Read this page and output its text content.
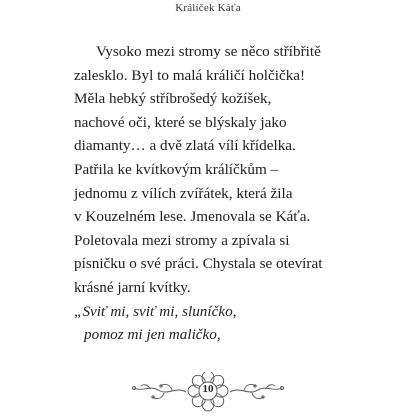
Králíček Káťa
Vysoko mezi stromy se něco stříbřitě
zalesklo. Byl to malá králičí holčička!
Měla hebký stříbrošedý kožíšek,
nachové oči, které se blýskaly jako
diamanty… a dvě zlatá vílí křídelka.
Patřila ke kvítkovým králíčkům –
jednomu z vílích zvířátek, která žila
v Kouzelném lese. Jmenovala se Káťa.
Poletovala mezi stromy a zpívala si
písničku o své práci. Chystala se otevírat
krásné jarní kvítky.
„Sviť mi, sviť mi, sluníčko,
pomoz mi jen maličko,
10
